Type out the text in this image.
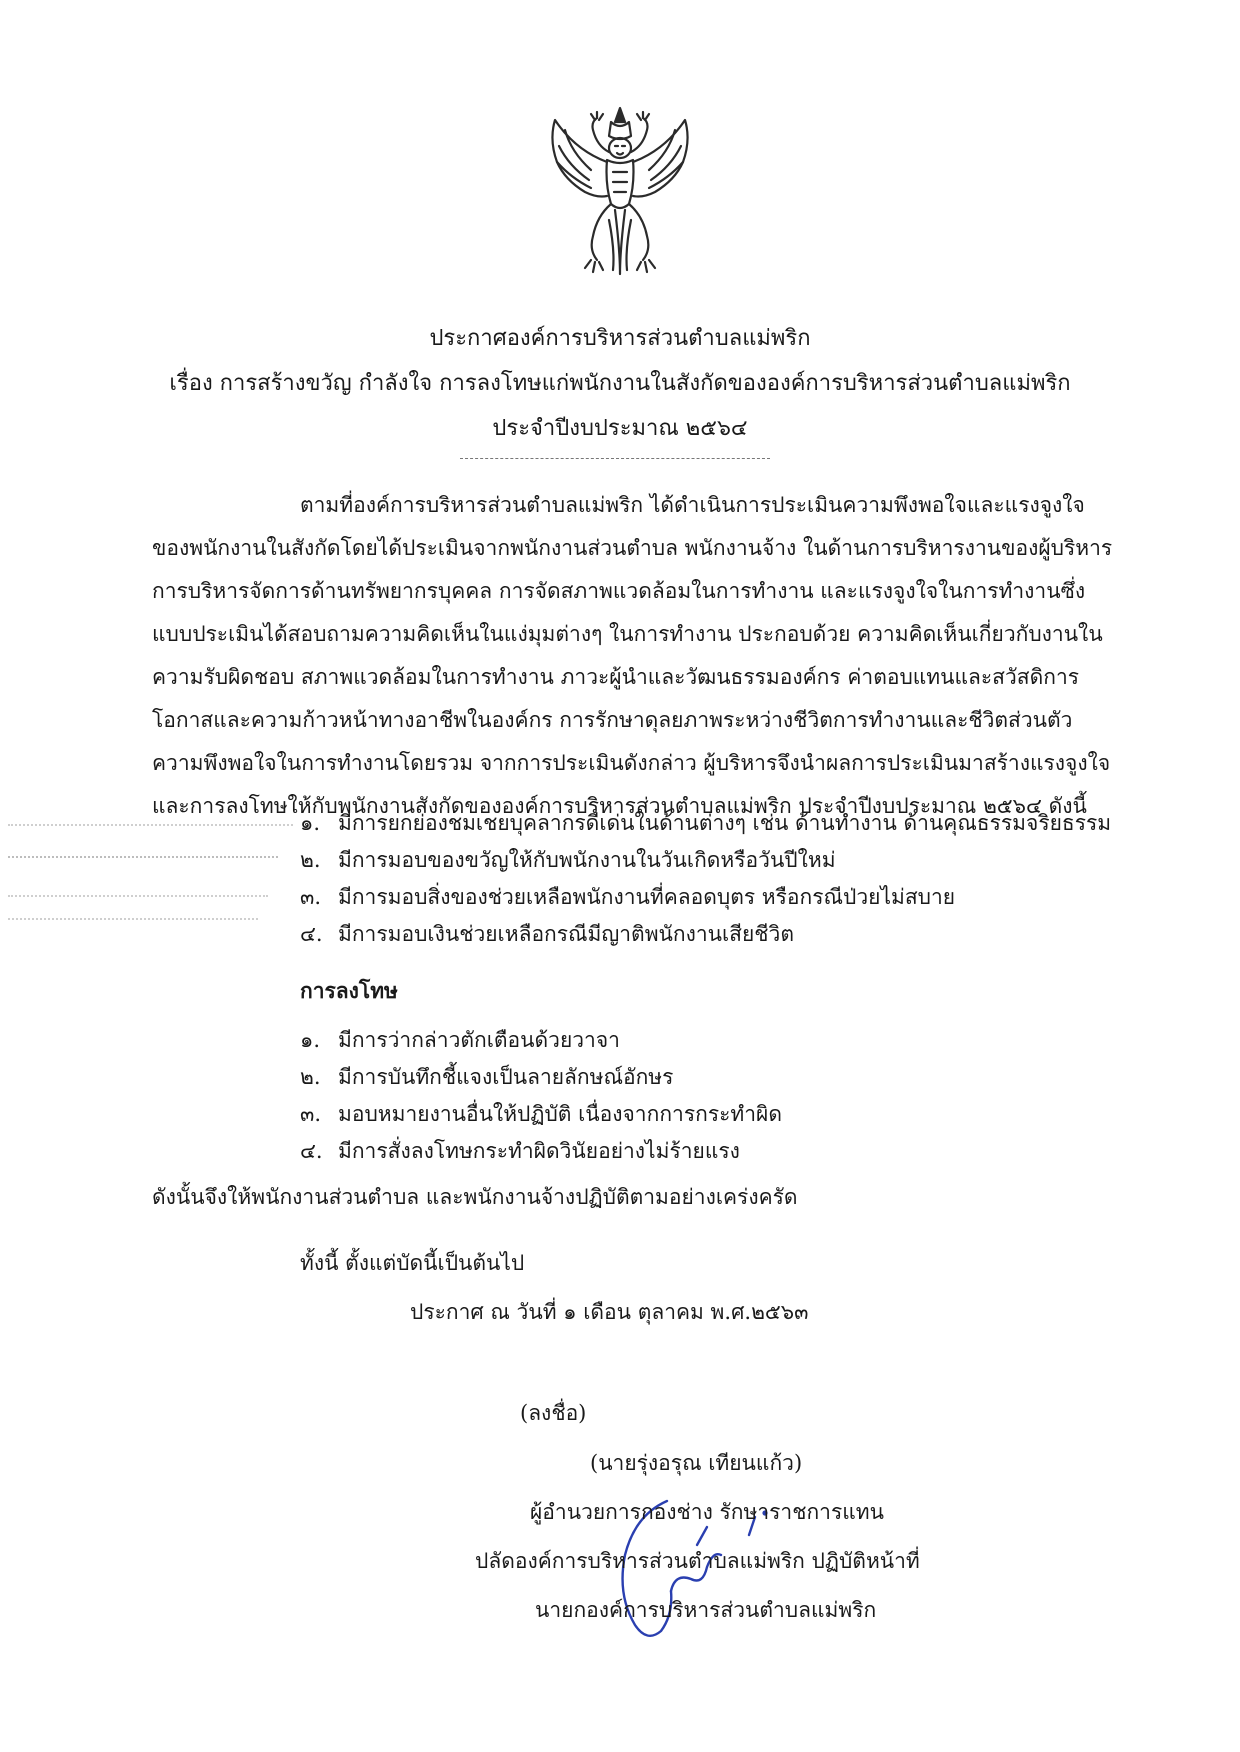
ประกาศองค์การบริหารส่วนตำบลแม่พริก
เรื่อง การสร้างขวัญ กำลังใจ การลงโทษแก่พนักงานในสังกัดขององค์การบริหารส่วนตำบลแม่พริก
ประจำปีงบประมาณ ๒๕๖๔
ตามที่องค์การบริหารส่วนตำบลแม่พริก ได้ดำเนินการประเมินความพึงพอใจและแรงจูงใจ
ของพนักงานในสังกัดโดยได้ประเมินจากพนักงานส่วนตำบล พนักงานจ้าง ในด้านการบริหารงานของผู้บริหาร
การบริหารจัดการด้านทรัพยากรบุคคล การจัดสภาพแวดล้อมในการทำงาน และแรงจูงใจในการทำงานซึ่ง
แบบประเมินได้สอบถามความคิดเห็นในแง่มุมต่างๆ ในการทำงาน ประกอบด้วย ความคิดเห็นเกี่ยวกับงานใน
ความรับผิดชอบ สภาพแวดล้อมในการทำงาน ภาวะผู้นำและวัฒนธรรมองค์กร ค่าตอบแทนและสวัสดิการ
โอกาสและความก้าวหน้าทางอาชีพในองค์กร การรักษาดุลยภาพระหว่างชีวิตการทำงานและชีวิตส่วนตัว
ความพึงพอใจในการทำงานโดยรวม จากการประเมินดังกล่าว ผู้บริหารจึงนำผลการประเมินมาสร้างแรงจูงใจ
และการลงโทษให้กับพนักงานสังกัดขององค์การบริหารส่วนตำบลแม่พริก ประจำปีงบประมาณ ๒๕๖๔ ดังนี้
๑. มีการยกย่องชมเชยบุคลากรดีเด่นในด้านต่างๆ เช่น ด้านทำงาน ด้านคุณธรรมจริยธรรม
๒. มีการมอบของขวัญให้กับพนักงานในวันเกิดหรือวันปีใหม่
๓. มีการมอบสิ่งของช่วยเหลือพนักงานที่คลอดบุตร หรือกรณีป่วยไม่สบาย
๔. มีการมอบเงินช่วยเหลือกรณีมีญาติพนักงานเสียชีวิต
การลงโทษ
๑. มีการว่ากล่าวตักเตือนด้วยวาจา
๒. มีการบันทึกชี้แจงเป็นลายลักษณ์อักษร
๓. มอบหมายงานอื่นให้ปฏิบัติ เนื่องจากการกระทำผิด
๔. มีการสั่งลงโทษกระทำผิดวินัยอย่างไม่ร้ายแรง
ดังนั้นจึงให้พนักงานส่วนตำบล และพนักงานจ้างปฏิบัติตามอย่างเคร่งครัด
ทั้งนี้ ตั้งแต่บัดนี้เป็นต้นไป
ประกาศ ณ วันที่ ๑ เดือน ตุลาคม พ.ศ.๒๕๖๓
(ลงชื่อ)
(นายรุ่งอรุณ เทียนแก้ว)
ผู้อำนวยการกองช่าง รักษาราชการแทน
ปลัดองค์การบริหารส่วนตำบลแม่พริก ปฏิบัติหน้าที่
นายกองค์การบริหารส่วนตำบลแม่พริก
